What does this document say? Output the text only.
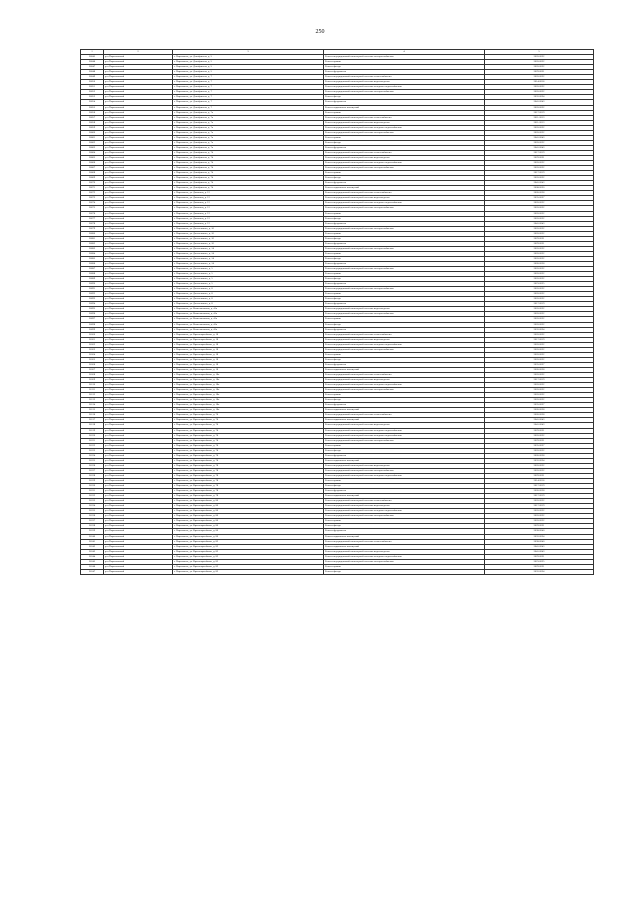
250
1	2	3	4	5
26045	р-н Партизанский	г. Партизанск, ул. Декабристов, д. 5	Ремонт внутридомовой инженерной системы электроснабжения	2020-2022
26046	р-н Партизанский	г. Партизанск, ул. Декабристов, д. 5	Ремонт крыши	2020-2022
26047	р-н Партизанский	г. Партизанск, ул. Декабристов, д. 5	Ремонт фасада	2020-2022
26048	р-н Партизанский	г. Партизанск, ул. Декабристов, д. 5	Ремонт фундамента	2029-2031
26049	р-н Партизанский	г. Партизанск, ул. Декабристов, д. 7	Ремонт внутридомовой инженерной системы теплоснабжения	2020-2022
26050	р-н Партизанский	г. Партизанск, ул. Декабристов, д. 7	Ремонт внутридомовой инженерной системы водоотведения	2014-2016
26051	р-н Партизанский	г. Партизанск, ул. Декабристов, д. 7	Ремонт внутридомовой инженерной системы холодного водоснабжения	2020-2022
26052	р-н Партизанский	г. Партизанск, ул. Декабристов, д. 7	Ремонт внутридомовой инженерной системы электроснабжения	2020-2022
26053	р-н Партизанский	г. Партизанск, ул. Декабристов, д. 7	Ремонт фасада	2032-2034
26054	р-н Партизанский	г. Партизанск, ул. Декабристов, д. 7	Ремонт фундамента	2041-2043
26055	р-н Партизанский	г. Партизанск, ул. Декабристов, д. 7	Ремонт подвальных помещений	2020-2022
26056	р-н Партизанский	г. Партизанск, ул. Декабристов, д. 7а	Ремонт крыши	2017-2019
26057	р-н Партизанский	г. Партизанск, ул. Декабристов, д. 7а	Ремонт внутридомовой инженерной системы теплоснабжения	2011-2013
26058	р-н Партизанский	г. Партизанск, ул. Декабристов, д. 7а	Ремонт внутридомовой инженерной системы водоотведения	2011-2013
26059	р-н Партизанский	г. Партизанск, ул. Декабристов, д. 7а	Ремонт внутридомовой инженерной системы холодного водоснабжения	2020-2022
26060	р-н Партизанский	г. Партизанск, ул. Декабристов, д. 7а	Ремонт внутридомовой инженерной системы электроснабжения	2020-2022
26061	р-н Партизанский	г. Партизанск, ул. Декабристов, д. 7а	Ремонт крыши	2041-2043
26062	р-н Партизанский	г. Партизанск, ул. Декабристов, д. 7а	Ремонт фасада	2020-2022
26063	р-н Партизанский	г. Партизанск, ул. Декабристов, д. 7а	Ремонт фундамента	2041-2043
26064	р-н Партизанский	г. Партизанск, ул. Декабристов, д. 7б	Ремонт внутридомовой инженерной системы теплоснабжения	2017-2019
26065	р-н Партизанский	г. Партизанск, ул. Декабристов, д. 7б	Ремонт внутридомовой инженерной системы водоотведения	2029-2031
26066	р-н Партизанский	г. Партизанск, ул. Декабристов, д. 7б	Ремонт внутридомовой инженерной системы холодного водоснабжения	2020-2022
26067	р-н Партизанский	г. Партизанск, ул. Декабристов, д. 7б	Ремонт внутридомовой инженерной системы электроснабжения	2020-2022
26068	р-н Партизанский	г. Партизанск, ул. Декабристов, д. 7б	Ремонт крыши	2017-2019
26069	р-н Партизанский	г. Партизанск, ул. Декабристов, д. 7б	Ремонт фасада	2020-2022
26070	р-н Партизанский	г. Партизанск, ул. Декабристов, д. 7б	Ремонт фундамента	2041-2043
26071	р-н Партизанский	г. Партизанск, ул. Декабристов, д. 7б	Ремонт подвальных помещений	2008-2030
26072	р-н Партизанский	г. Партизанск, ул. Даличная, д. 12	Ремонт внутридомовой инженерной системы теплоснабжения	2026-2028
26073	р-н Партизанский	г. Партизанск, ул. Даличная, д. 12	Ремонт внутридомовой инженерной системы водоотведения	2035-2037
26074	р-н Партизанский	г. Партизанск, ул. Даличная, д. 12	Ремонт внутридомовой инженерной системы холодного водоснабжения	2020-2022
26075	р-н Партизанский	г. Партизанск, ул. Даличная, д. 12	Ремонт внутридомовой инженерной системы электроснабжения	2020-2022
26076	р-н Партизанский	г. Партизанск, ул. Даличная, д. 12	Ремонт крыши	2020-2022
26077	р-н Партизанский	г. Партизанск, ул. Даличная, д. 12	Ремонт фасада	2020-2022
26078	р-н Партизанский	г. Партизанск, ул. Даличная, д. 12	Ремонт фундамента	2041-2043
26079	р-н Партизанский	г. Партизанск, ул. Достоевского, д. 10	Ремонт внутридомовой инженерной системы электроснабжения	2020-2022
26080	р-н Партизанский	г. Партизанск, ул. Достоевского, д. 10	Ремонт крыши	2020-2022
26081	р-н Партизанский	г. Партизанск, ул. Достоевского, д. 10	Ремонт фасада	2029-2031
26082	р-н Партизанский	г. Партизанск, ул. Достоевского, д. 10	Ремонт фундамента	2029-2031
26083	р-н Партизанский	г. Партизанск, ул. Достоевского, д. 14	Ремонт внутридомовой инженерной системы электроснабжения	2020-2022
26084	р-н Партизанский	г. Партизанск, ул. Достоевского, д. 14	Ремонт крыши	2020-2022
26085	р-н Партизанский	г. Партизанск, ул. Достоевского, д. 14	Ремонт фасада	2020-2022
26086	р-н Партизанский	г. Партизанск, ул. Достоевского, д. 14	Ремонт фундамента	2026-2028
26087	р-н Партизанский	г. Партизанск, ул. Достоевского, д. 5	Ремонт внутридомовой инженерной системы электроснабжения	2020-2022
26088	р-н Партизанский	г. Партизанск, ул. Достоевского, д. 5	Ремонт крыши	2020-2022
26089	р-н Партизанский	г. Партизанск, ул. Достоевского, д. 5	Ремонт фасада	2020-2022
26090	р-н Партизанский	г. Партизанск, ул. Достоевского, д. 5	Ремонт фундамента	2023-2025
26091	р-н Партизанский	г. Партизанск, ул. Достоевского, д. 8	Ремонт внутридомовой инженерной системы электроснабжения	2020-2022
26092	р-н Партизанский	г. Партизанск, ул. Достоевского, д. 8	Ремонт крыши	2020-2022
26093	р-н Партизанский	г. Партизанск, ул. Достоевского, д. 8	Ремонт фасада	2020-2022
26094	р-н Партизанский	г. Партизанск, ул. Достоевского, д. 8	Ремонт фундамента	2017-2019
26095	р-н Партизанский	г. Партизанск, ул. Комсомольская, д. 41а	Ремонт внутридомовой инженерной системы водоотведения	2020-2022
26096	р-н Партизанский	г. Партизанск, ул. Комсомольская, д. 41а	Ремонт внутридомовой инженерной системы электроснабжения	2020-2022
26097	р-н Партизанский	г. Партизанск, ул. Комсомольская, д. 41а	Ремонт крыши	2020-2022
26098	р-н Партизанский	г. Партизанск, ул. Комсомольская, д. 41а	Ремонт фасада	2020-2022
26099	р-н Партизанский	г. Партизанск, ул. Комсомольская, д. 41а	Ремонт фундамента	2032-2034
26100	р-н Партизанский	г. Партизанск, ул. Красноармейская, д. 18	Ремонт внутридомовой инженерной системы теплоснабжения	2020-2022
26101	р-н Партизанский	г. Партизанск, ул. Красноармейская, д. 18	Ремонт внутридомовой инженерной системы водоотведения	2017-2019
26102	р-н Партизанский	г. Партизанск, ул. Красноармейская, д. 18	Ремонт внутридомовой инженерной системы холодного водоснабжения	2020-2022
26103	р-н Партизанский	г. Партизанск, ул. Красноармейская, д. 18	Ремонт внутридомовой инженерной системы электроснабжения	2020-2022
26104	р-н Партизанский	г. Партизанск, ул. Красноармейская, д. 18	Ремонт крыши	2020-2022
26105	р-н Партизанский	г. Партизанск, ул. Красноармейская, д. 18	Ремонт фасада	2020-2022
26106	р-н Партизанский	г. Партизанск, ул. Красноармейская, д. 18	Ремонт фундамента	2035-2037
26107	р-н Партизанский	г. Партизанск, ул. Красноармейская, д. 18	Ремонт подвальных помещений	2026-2028
26108	р-н Партизанский	г. Партизанск, ул. Красноармейская, д. 18а	Ремонт внутридомовой инженерной системы теплоснабжения	2020-2022
26109	р-н Партизанский	г. Партизанск, ул. Красноармейская, д. 18а	Ремонт внутридомовой инженерной системы водоотведения	2017-2019
26110	р-н Партизанский	г. Партизанск, ул. Красноармейская, д. 18а	Ремонт внутридомовой инженерной системы холодного водоснабжения	2020-2022
26111	р-н Партизанский	г. Партизанск, ул. Красноармейская, д. 18а	Ремонт внутридомовой инженерной системы электроснабжения	2020-2022
26112	р-н Партизанский	г. Партизанск, ул. Красноармейская, д. 18а	Ремонт крыши	2020-2022
26113	р-н Партизанский	г. Партизанск, ул. Красноармейская, д. 18а	Ремонт фасада	2020-2022
26114	р-н Партизанский	г. Партизанск, ул. Красноармейская, д. 18а	Ремонт фундамента	2035-2037
26115	р-н Партизанский	г. Партизанск, ул. Красноармейская, д. 18а	Ремонт подвальных помещений	2026-2028
26116	р-н Партизанский	г. Партизанск, ул. Красноармейская, д. 76	Ремонт внутридомовой инженерной системы теплоснабжения	2026-2028
26117	р-н Партизанский	г. Партизанск, ул. Красноармейская, д. 76	Ремонт подвальных помещений	2041-2043
26118	р-н Партизанский	г. Партизанск, ул. Красноармейская, д. 76	Ремонт внутридомовой инженерной системы водоотведения	2041-2043
26119	р-н Партизанский	г. Партизанск, ул. Красноармейская, д. 76	Ремонт внутридомовой инженерной системы холодного водоснабжения	2029-2031
26120	р-н Партизанский	г. Партизанск, ул. Красноармейская, д. 76	Ремонт внутридомовой инженерной системы холодного водоснабжения	2020-2022
26121	р-н Партизанский	г. Партизанск, ул. Красноармейская, д. 76	Ремонт внутридомовой инженерной системы электроснабжения	2029-2031
26122	р-н Партизанский	г. Партизанск, ул. Красноармейская, д. 76	Ремонт крыши	2035-2037
26123	р-н Партизанский	г. Партизанск, ул. Красноармейская, д. 76	Ремонт фасада	2020-2022
26124	р-н Партизанский	г. Партизанск, ул. Красноармейская, д. 76	Ремонт фундамента	2026-2028
26125	р-н Партизанский	г. Партизанск, ул. Красноармейская, д. 76	Ремонт подвальных помещений	2032-2034
26126	р-н Партизанский	г. Партизанск, ул. Красноармейская, д. 78	Ремонт внутридомовой инженерной системы водоотведения	2020-2022
26127	р-н Партизанский	г. Партизанск, ул. Красноармейская, д. 78	Ремонт внутридомовой инженерной системы электроснабжения	2020-2022
26128	р-н Партизанский	г. Партизанск, ул. Красноармейская, д. 78	Ремонт внутридомовой инженерной системы холодного водоснабжения	2029-2031
26129	р-н Партизанский	г. Партизанск, ул. Красноармейская, д. 78	Ремонт крыши	2014-2016
26130	р-н Партизанский	г. Партизанск, ул. Красноармейская, д. 78	Ремонт фасада	2017-2019
26131	р-н Партизанский	г. Партизанск, ул. Красноармейская, д. 78	Ремонт фундамента	2026-2028
26132	р-н Партизанский	г. Партизанск, ул. Красноармейская, д. 78	Ремонт подвальных помещений	2017-2019
26133	р-н Партизанский	г. Партизанск, ул. Красноармейская, д. 80	Ремонт внутридомовой инженерной системы теплоснабжения	2020-2022
26134	р-н Партизанский	г. Партизанск, ул. Красноармейская, д. 80	Ремонт внутридомовой инженерной системы водоотведения	2017-2019
26135	р-н Партизанский	г. Партизанск, ул. Красноармейская, д. 80	Ремонт внутридомовой инженерной системы холодного водоснабжения	2020-2022
26136	р-н Партизанский	г. Партизанск, ул. Красноармейская, д. 80	Ремонт внутридомовой инженерной системы электроснабжения	2020-2022
26137	р-н Партизанский	г. Партизанск, ул. Красноармейская, д. 80	Ремонт крыши	2020-2022
26138	р-н Партизанский	г. Партизанск, ул. Красноармейская, д. 80	Ремонт фасада	2029-2031
26139	р-н Партизанский	г. Партизанск, ул. Красноармейская, д. 80	Ремонт фундамента	2038-2040
26140	р-н Партизанский	г. Партизанск, ул. Красноармейская, д. 80	Ремонт подвальных помещений	2032-2034
26141	р-н Партизанский	г. Партизанск, ул. Красноармейская, д. 82	Ремонт внутридомовой инженерной системы теплоснабжения	2038-2040
26142	р-н Партизанский	г. Партизанск, ул. Красноармейская, д. 82	Ремонт подвальных помещений	2041-2043
26143	р-н Партизанский	г. Партизанск, ул. Красноармейская, д. 82	Ремонт внутридомовой инженерной системы водоотведения	2041-2043
26144	р-н Партизанский	г. Партизанск, ул. Красноармейская, д. 82	Ремонт внутридомовой инженерной системы холодного водоснабжения	2029-2031
26145	р-н Партизанский	г. Партизанск, ул. Красноармейская, д. 82	Ремонт внутридомовой инженерной системы электроснабжения	2023-2025
26146	р-н Партизанский	г. Партизанск, ул. Красноармейская, д. 82	Ремонт крыши	2029-2031
26147	р-н Партизанский	г. Партизанск, ул. Красноармейская, д. 82	Ремонт фасада	2032-2034
